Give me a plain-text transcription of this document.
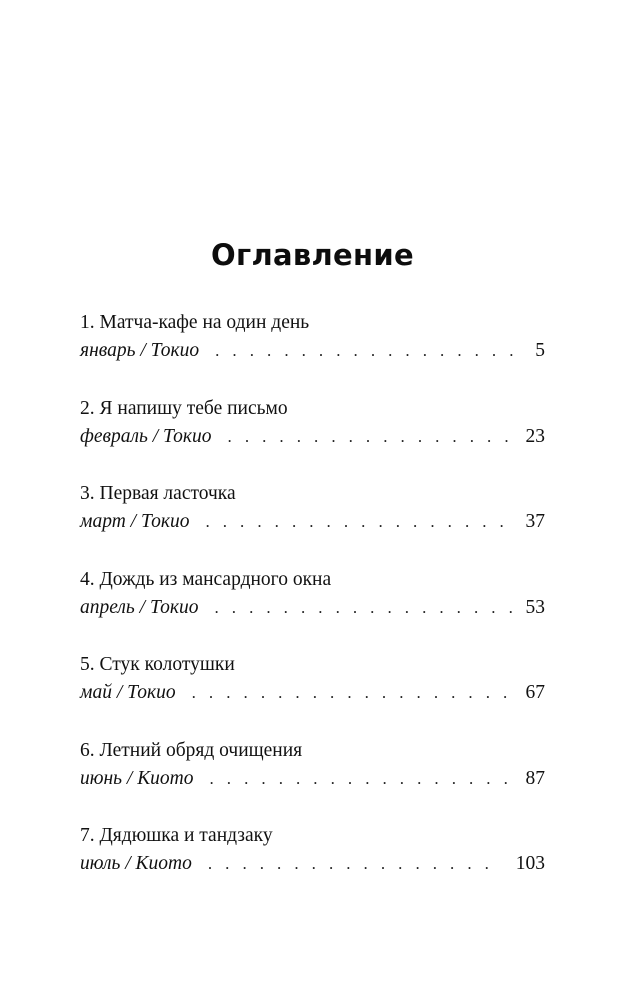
Оглавление
1. Матча-кафе на один день
январь / Токио . . .	5
2. Я напишу тебе письмо
февраль / Токио . . .	23
3. Первая ласточка
март / Токио . . .	37
4. Дождь из мансардного окна
апрель / Токио . . .	53
5. Стук колотушки
май / Токио . . .	67
6. Летний обряд очищения
июнь / Киото . . .	87
7. Дядюшка и тандзаку
июль / Киото . . .	103
